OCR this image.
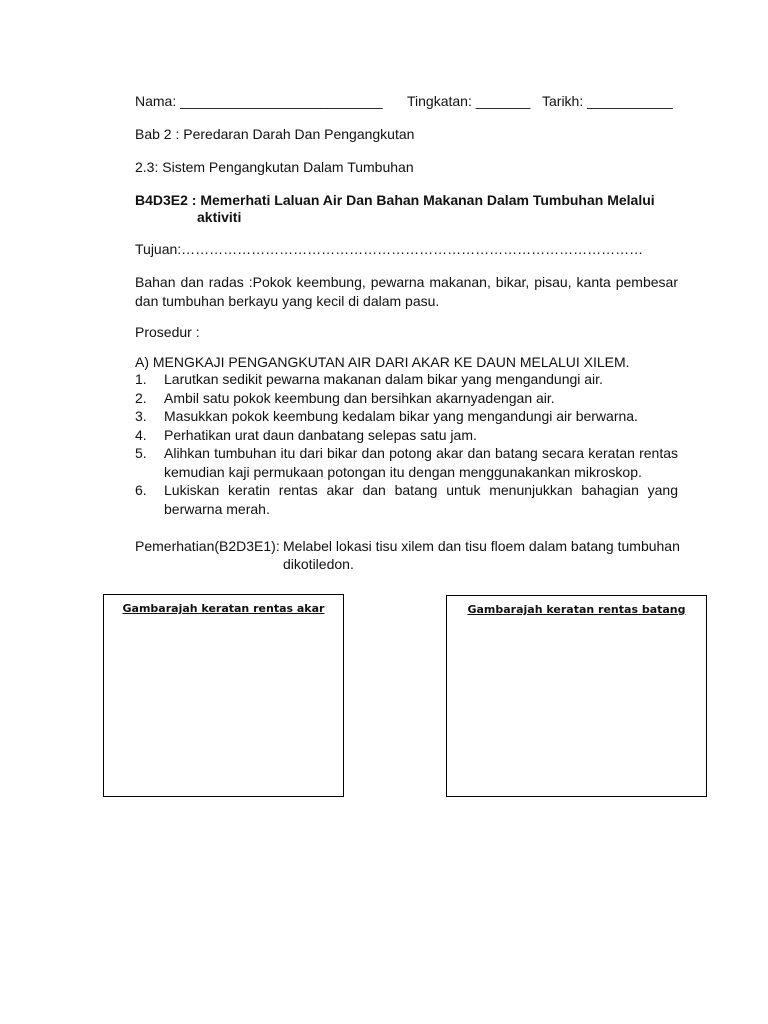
Nama: __________________________ Tingkatan: _______ Tarikh: ___________
Bab 2 : Peredaran Darah Dan Pengangkutan
2.3: Sistem Pengangkutan Dalam Tumbuhan
B4D3E2 : Memerhati Laluan Air Dan Bahan Makanan Dalam Tumbuhan Melalui
aktiviti
Tujuan:………………………………………………………………………………………
Bahan dan radas :Pokok keembung, pewarna makanan, bikar, pisau, kanta pembesar dan tumbuhan berkayu yang kecil di dalam pasu.
Prosedur :
A) MENGKAJI PENGANGKUTAN AIR DARI AKAR KE DAUN MELALUI XILEM.
1. Larutkan sedikit pewarna makanan dalam bikar yang mengandungi air.
2. Ambil satu pokok keembung dan bersihkan akarnyadengan air.
3. Masukkan pokok keembung kedalam bikar yang mengandungi air berwarna.
4. Perhatikan urat daun danbatang selepas satu jam.
5. Alihkan tumbuhan itu dari bikar dan potong akar dan batang secara keratan rentas kemudian kaji permukaan potongan itu dengan menggunakankan mikroskop.
6. Lukiskan keratin rentas akar dan batang untuk menunjukkan bahagian yang berwarna merah.
Pemerhatian(B2D3E1): Melabel lokasi tisu xilem dan tisu floem dalam batang tumbuhan dikotiledon.
Gambarajah keratan rentas akar	Gambarajah keratan rentas batang
